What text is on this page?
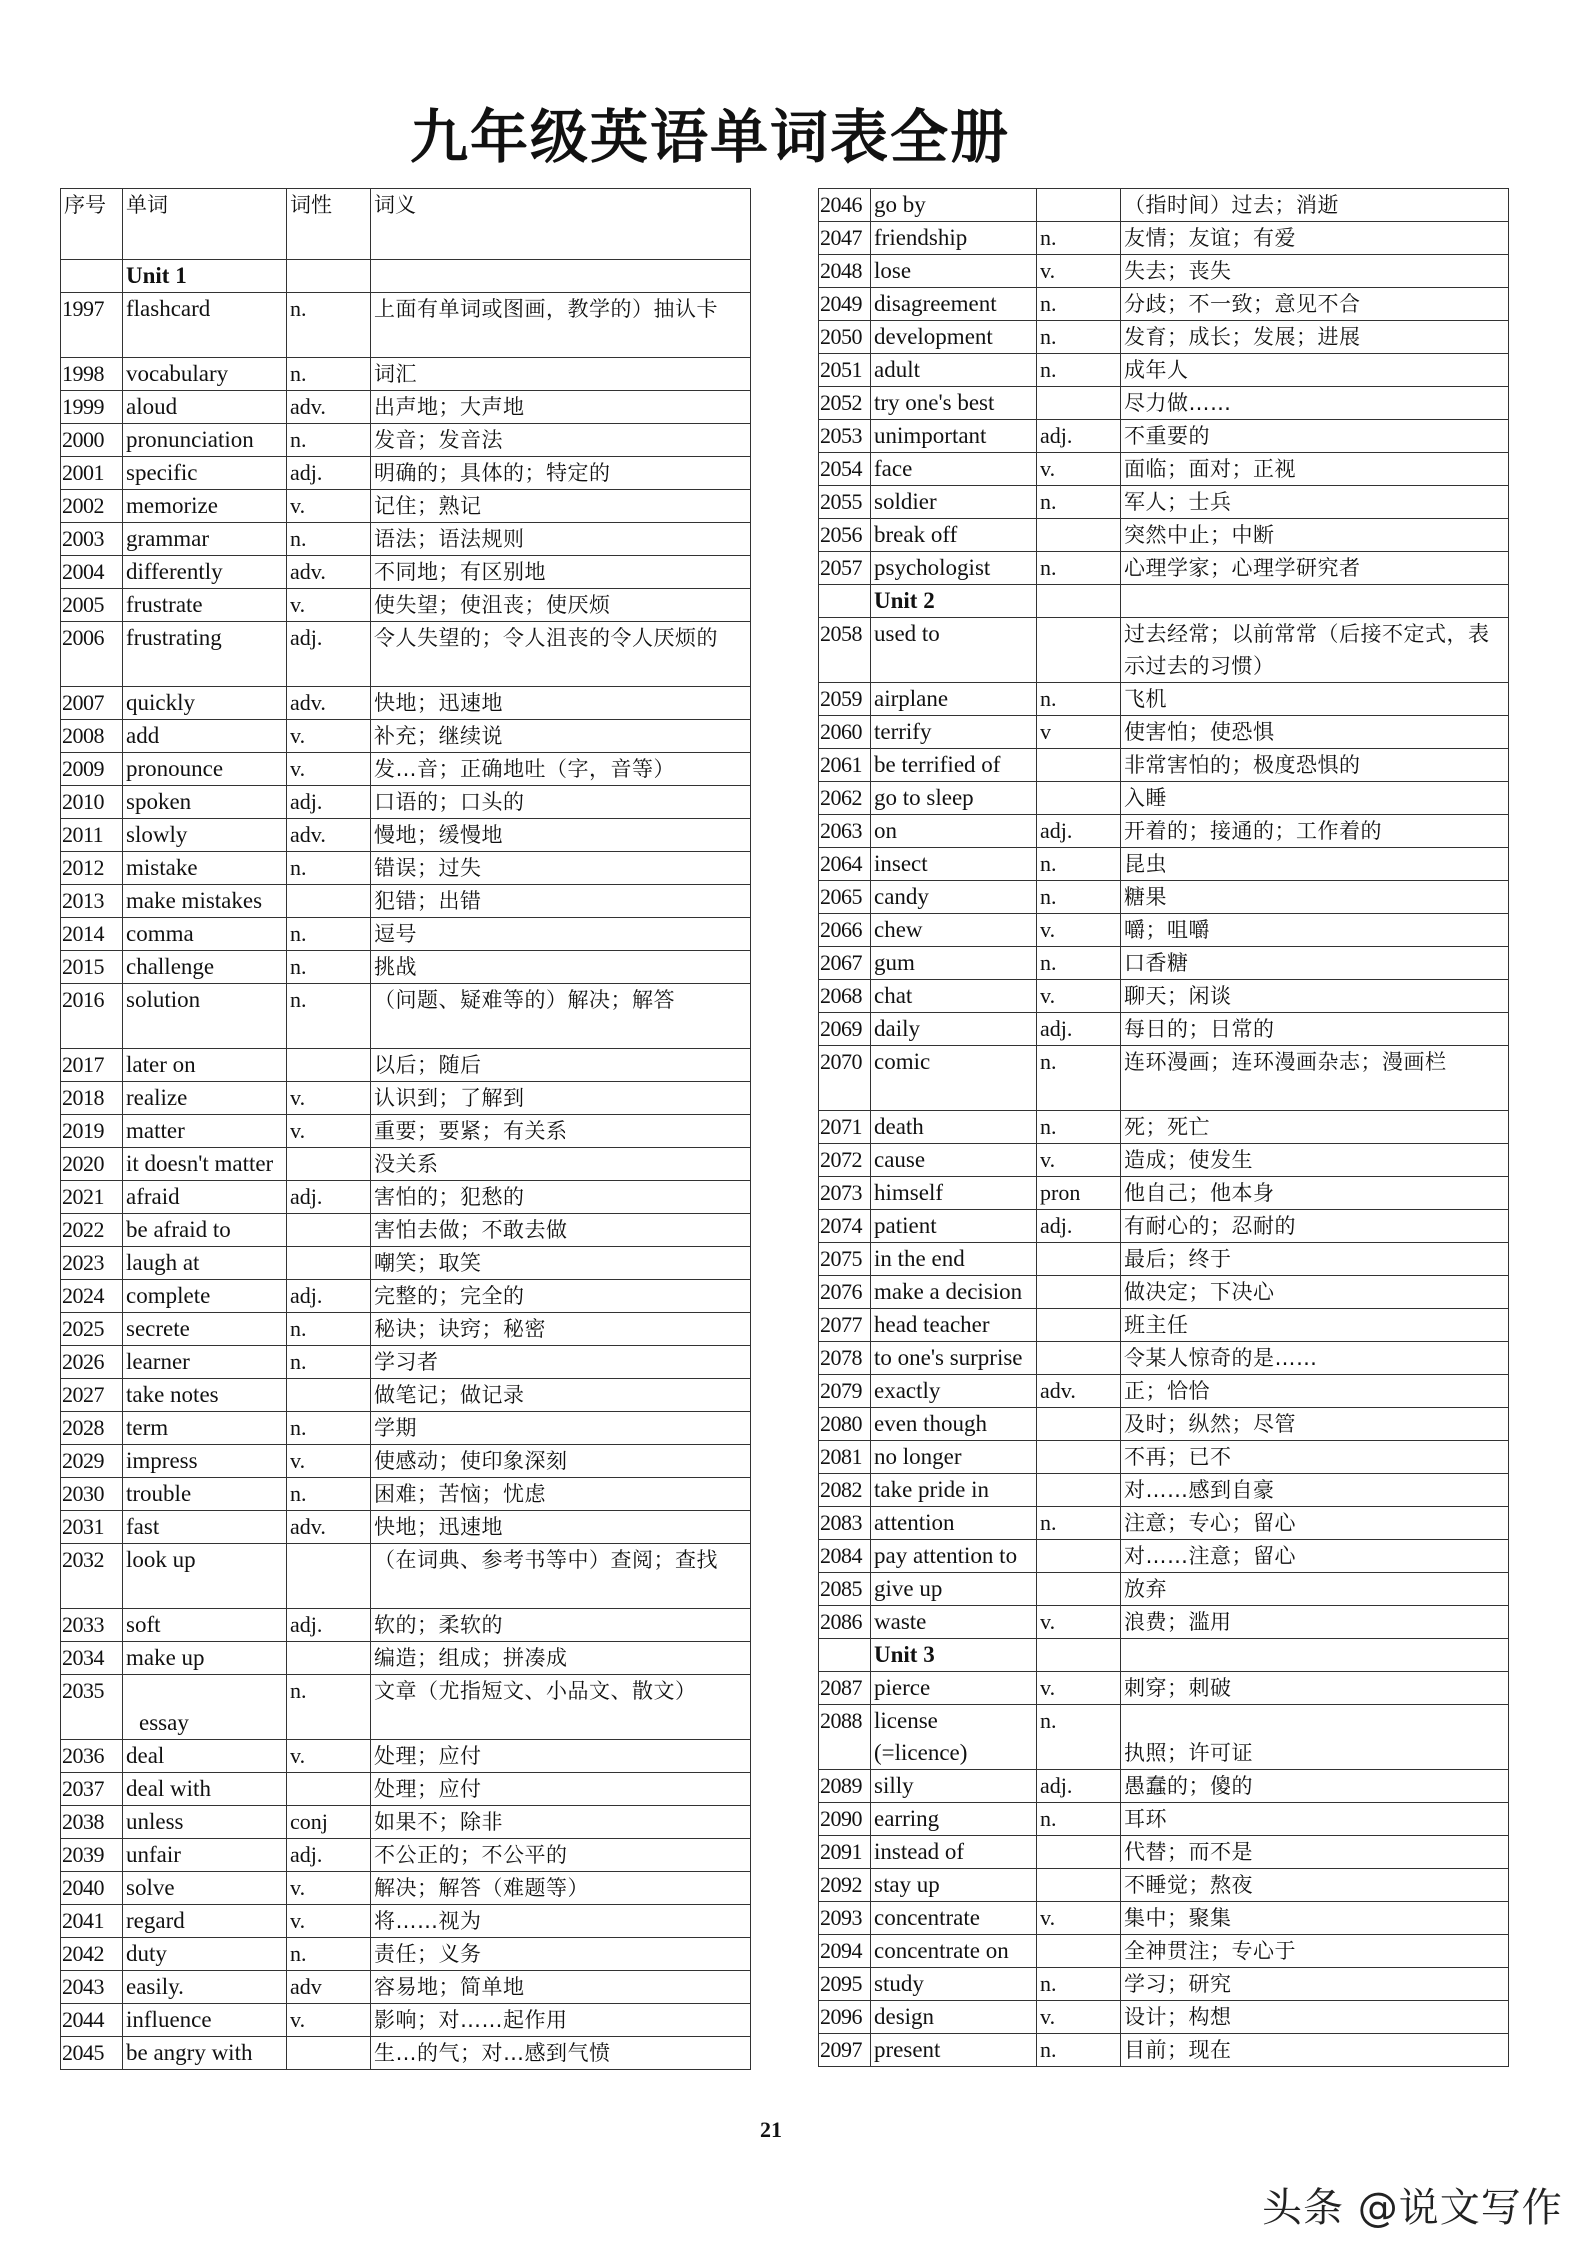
九年级英语单词表全册
序号	单词	词性	词义
	Unit 1		
1997	flashcard	n.	上面有单词或图画，教学的）抽认卡
1998	vocabulary	n.	词汇
1999	aloud	adv.	出声地；大声地
2000	pronunciation	n.	发音；发音法
2001	specific	adj.	明确的；具体的；特定的
2002	memorize	v.	记住；熟记
2003	grammar	n.	语法；语法规则
2004	differently	adv.	不同地；有区别地
2005	frustrate	v.	使失望；使沮丧；使厌烦
2006	frustrating	adj.	令人失望的；令人沮丧的令人厌烦的
2007	quickly	adv.	快地；迅速地
2008	add	v.	补充；继续说
2009	pronounce	v.	发…音；正确地吐（字，音等）
2010	spoken	adj.	口语的；口头的
2011	slowly	adv.	慢地；缓慢地
2012	mistake	n.	错误；过失
2013	make mistakes		犯错；出错
2014	comma	n.	逗号
2015	challenge	n.	挑战
2016	solution	n.	（问题、疑难等的）解决；解答
2017	later on		以后；随后
2018	realize	v.	认识到；了解到
2019	matter	v.	重要；要紧；有关系
2020	it doesn't matter		没关系
2021	afraid	adj.	害怕的；犯愁的
2022	be afraid to		害怕去做；不敢去做
2023	laugh at		嘲笑；取笑
2024	complete	adj.	完整的；完全的
2025	secrete	n.	秘诀；诀窍；秘密
2026	learner	n.	学习者
2027	take notes		做笔记；做记录
2028	term	n.	学期
2029	impress	v.	使感动；使印象深刻
2030	trouble	n.	困难；苦恼；忧虑
2031	fast	adv.	快地；迅速地
2032	look up		（在词典、参考书等中）查阅；查找
2033	soft	adj.	软的；柔软的
2034	make up		编造；组成；拼凑成
2035	essay	n.	文章（尤指短文、小品文、散文）
2036	deal	v.	处理；应付
2037	deal with		处理；应付
2038	unless	conj	如果不；除非
2039	unfair	adj.	不公正的；不公平的
2040	solve	v.	解决；解答（难题等）
2041	regard	v.	将……视为
2042	duty	n.	责任；义务
2043	easily.	adv	容易地；简单地
2044	influence	v.	影响；对……起作用
2045	be angry with		生…的气；对…感到气愤
2046	go by		（指时间）过去；消逝
2047	friendship	n.	友情；友谊；有爱
2048	lose	v.	失去；丧失
2049	disagreement	n.	分歧；不一致；意见不合
2050	development	n.	发育；成长；发展；进展
2051	adult	n.	成年人
2052	try one's best		尽力做……
2053	unimportant	adj.	不重要的
2054	face	v.	面临；面对；正视
2055	soldier	n.	军人；士兵
2056	break off		突然中止；中断
2057	psychologist	n.	心理学家；心理学研究者
	Unit 2		
2058	used to		过去经常；以前常常（后接不定式，表示过去的习惯）
2059	airplane	n.	飞机
2060	terrify	v	使害怕；使恐惧
2061	be terrified of		非常害怕的；极度恐惧的
2062	go to sleep		入睡
2063	on	adj.	开着的；接通的；工作着的
2064	insect	n.	昆虫
2065	candy	n.	糖果
2066	chew	v.	嚼；咀嚼
2067	gum	n.	口香糖
2068	chat	v.	聊天；闲谈
2069	daily	adj.	每日的；日常的
2070	comic	n.	连环漫画；连环漫画杂志；漫画栏
2071	death	n.	死；死亡
2072	cause	v.	造成；使发生
2073	himself	pron	他自己；他本身
2074	patient	adj.	有耐心的；忍耐的
2075	in the end		最后；终于
2076	make a decision		做决定；下决心
2077	head teacher		班主任
2078	to one's surprise		令某人惊奇的是……
2079	exactly	adv.	正；恰恰
2080	even though		及时；纵然；尽管
2081	no longer		不再；已不
2082	take pride in		对……感到自豪
2083	attention	n.	注意；专心；留心
2084	pay attention to		对……注意；留心
2085	give up		放弃
2086	waste	v.	浪费；滥用
	Unit 3		
2087	pierce	v.	刺穿；刺破
2088	license (=licence)	n.	执照；许可证
2089	silly	adj.	愚蠢的；傻的
2090	earring	n.	耳环
2091	instead of		代替；而不是
2092	stay up		不睡觉；熬夜
2093	concentrate	v.	集中；聚集
2094	concentrate on		全神贯注；专心于
2095	study	n.	学习；研究
2096	design	v.	设计；构想
2097	present	n.	目前；现在
21
头条 @说文写作
